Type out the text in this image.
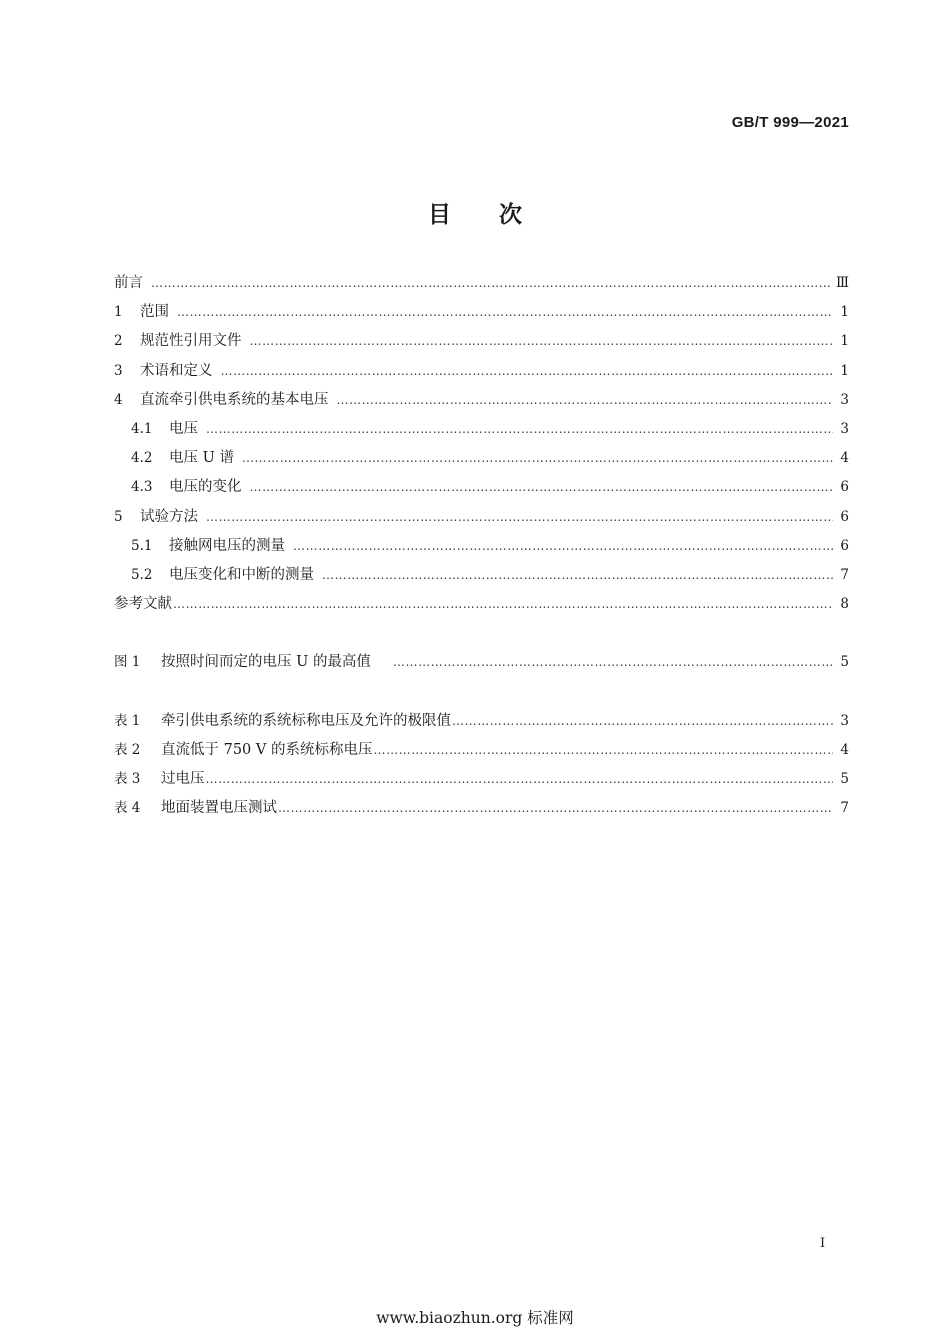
GB/T 999—2021
目 次
前言 …………………………………………………………………………………………………………………………………………………………………………………………………………………	Ⅲ
1	范围 …………………………………………………………………………………………………………………………………………………………………………………………………………………	1
2	规范性引用文件 …………………………………………………………………………………………………………………………………………………………………………………………………………………	1
3	术语和定义 …………………………………………………………………………………………………………………………………………………………………………………………………………………	1
4	直流牵引供电系统的基本电压 …………………………………………………………………………………………………………………………………………………………………………………………………………………	3
4.1	电压 …………………………………………………………………………………………………………………………………………………………………………………………………………………	3
4.2	电压 U 谱 …………………………………………………………………………………………………………………………………………………………………………………………………………………	4
4.3	电压的变化 …………………………………………………………………………………………………………………………………………………………………………………………………………………	6
5	试验方法 …………………………………………………………………………………………………………………………………………………………………………………………………………………	6
5.1	接触网电压的测量 …………………………………………………………………………………………………………………………………………………………………………………………………………………	6
5.2	电压变化和中断的测量 …………………………………………………………………………………………………………………………………………………………………………………………………………………	7
参考文献 …………………………………………………………………………………………………………………………………………………………………………………………………………………	8
图 1	按照时间而定的电压 U 的最高值 …………………………………………………………………………………………………………………………………………………………………………………………………………………	5
表 1	牵引供电系统的系统标称电压及允许的极限值 …………………………………………………………………………………………………………………………………………………………………………………………………………………	3
表 2	直流低于 750 V 的系统标称电压 …………………………………………………………………………………………………………………………………………………………………………………………………………………	4
表 3	过电压 …………………………………………………………………………………………………………………………………………………………………………………………………………………	5
表 4	地面装置电压测试 …………………………………………………………………………………………………………………………………………………………………………………………………………………	7
I
www.biaozhun.org 标准网
